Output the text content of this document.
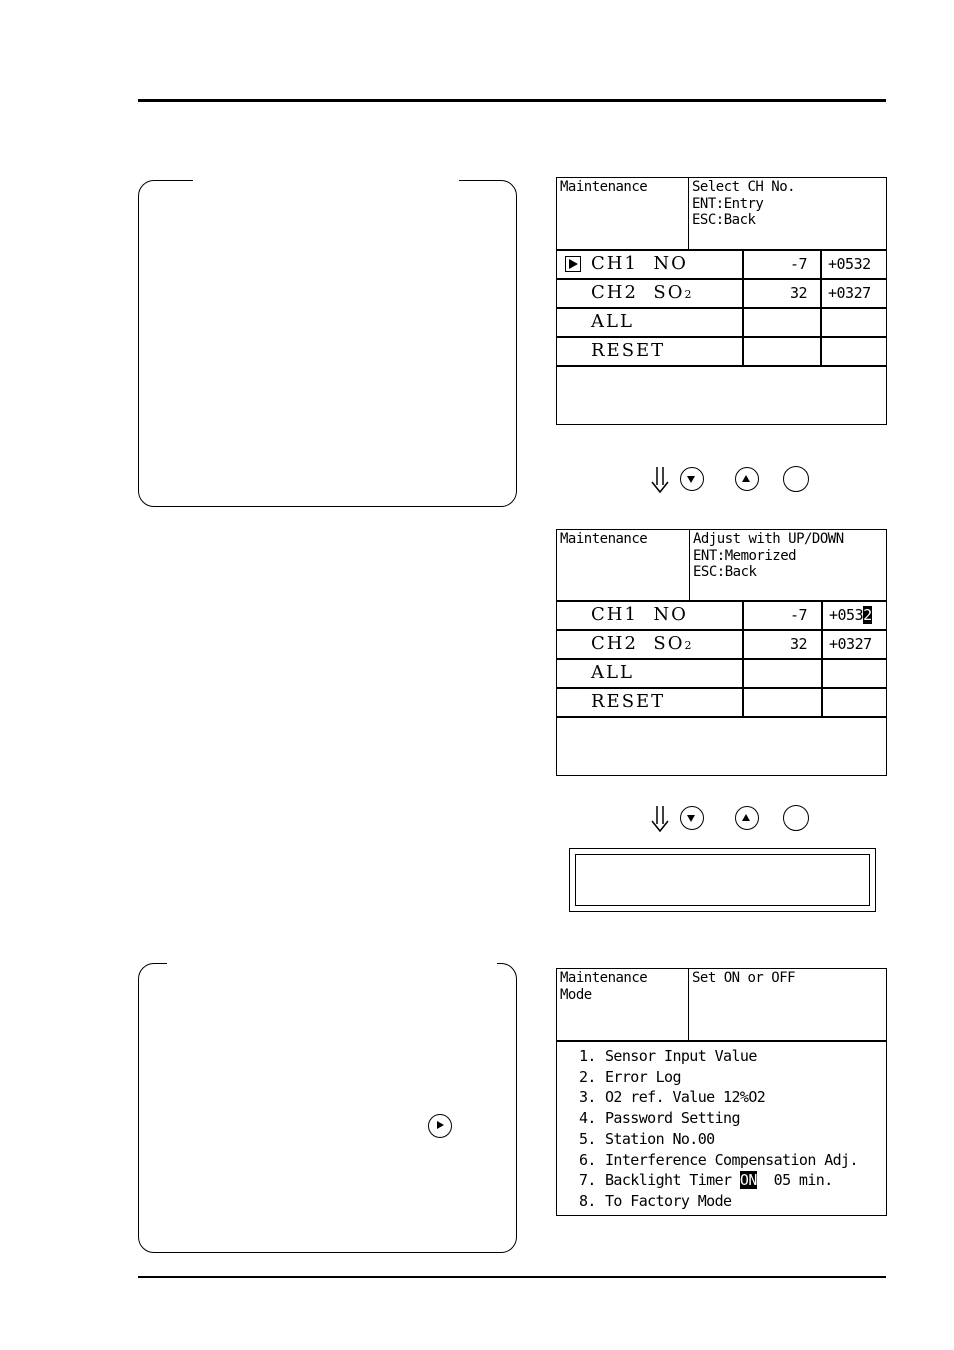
Maintenance	Select CH No.
ENT:Entry
ESC:Back
CH1 NO	-7 +0532
CH2 SO2	32 +0327
ALL
RESET
Maintenance	Adjust with UP/DOWN
ENT:Memorized
ESC:Back
CH1 NO	-7 +0532
CH2 SO2	32 +0327
ALL
RESET
Maintenance
Mode
Set ON or OFF
1. Sensor Input Value
2. Error Log
3. O2 ref. Value 12%O2
4. Password Setting
5. Station No.00
6. Interference Compensation Adj.
7. Backlight Timer ON  05 min.
8. To Factory Mode
